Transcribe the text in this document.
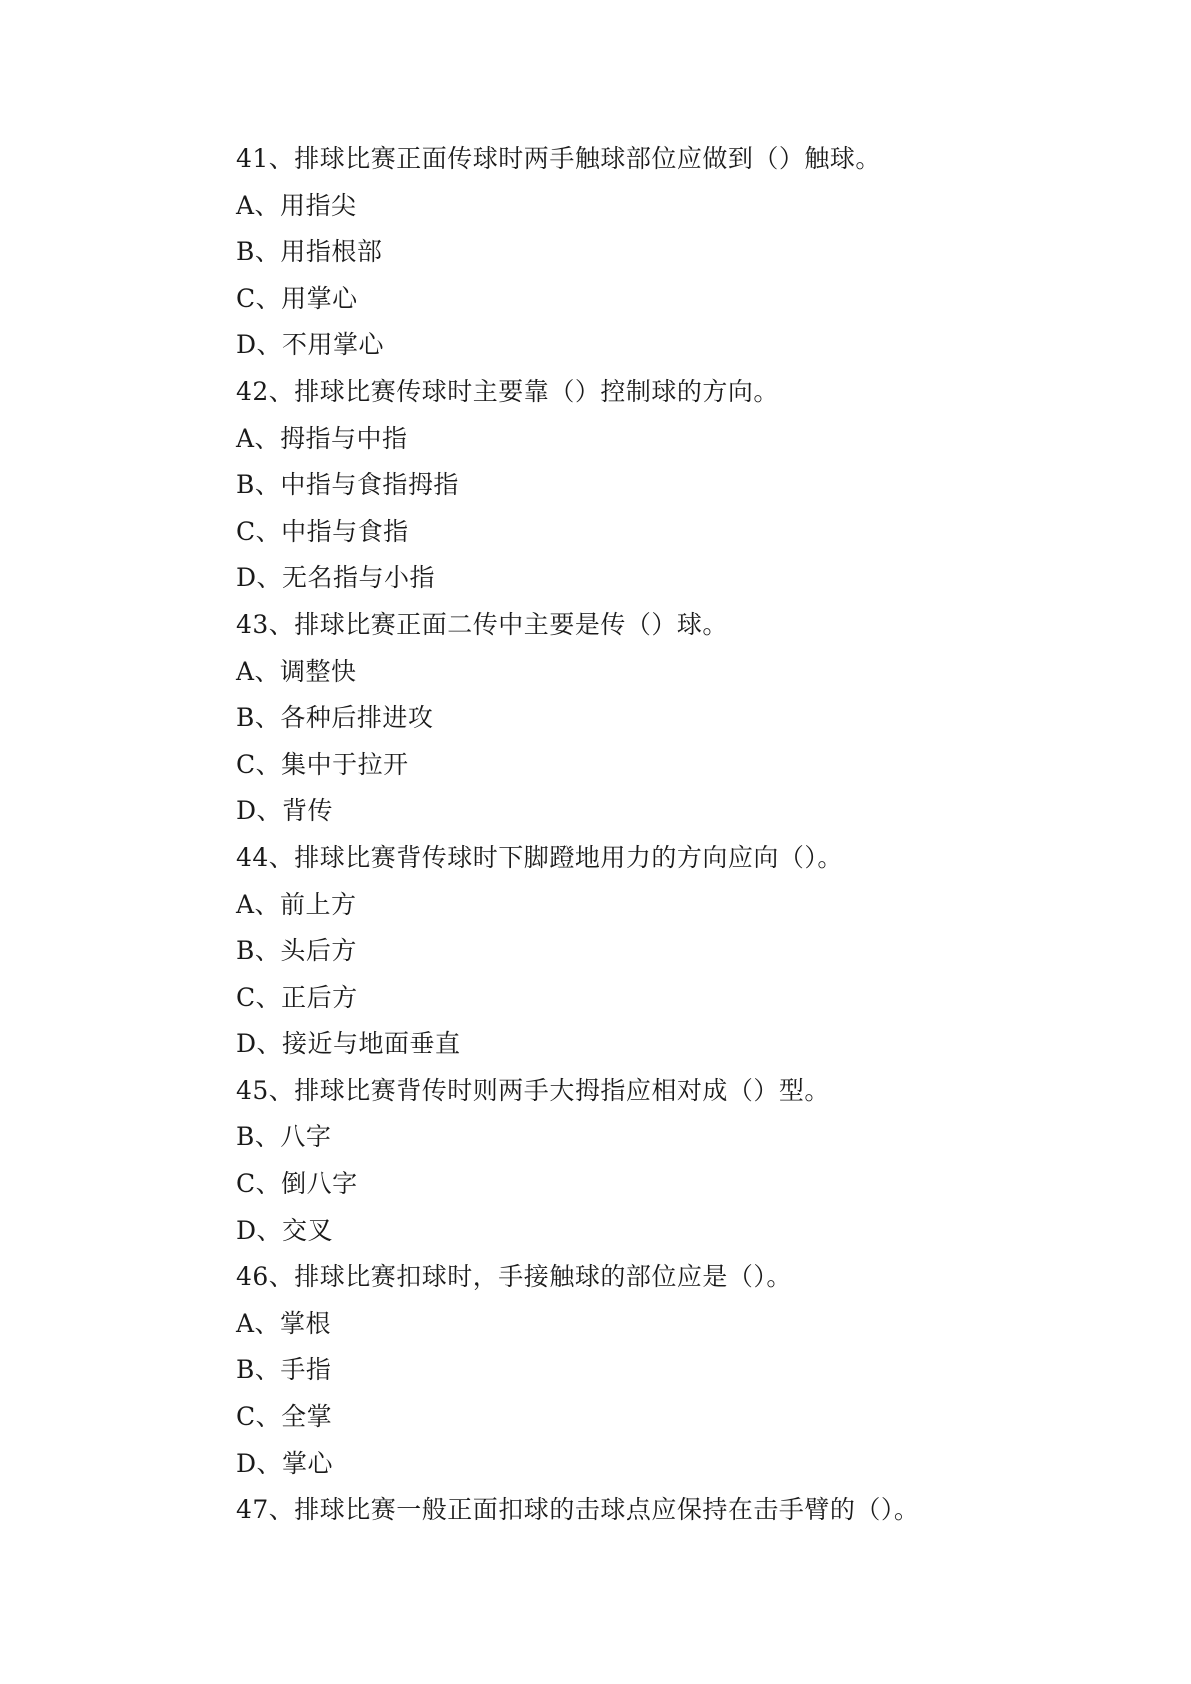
41、排球比赛正面传球时两手触球部位应做到（）触球。
A、用指尖
B、用指根部
C、用掌心
D、不用掌心
42、排球比赛传球时主要靠（）控制球的方向。
A、拇指与中指
B、中指与食指拇指
C、中指与食指
D、无名指与小指
43、排球比赛正面二传中主要是传（）球。
A、调整快
B、各种后排进攻
C、集中于拉开
D、背传
44、排球比赛背传球时下脚蹬地用力的方向应向（）。
A、前上方
B、头后方
C、正后方
D、接近与地面垂直
45、排球比赛背传时则两手大拇指应相对成（）型。
B、八字
C、倒八字
D、交叉
46、排球比赛扣球时，手接触球的部位应是（）。
A、掌根
B、手指
C、全掌
D、掌心
47、排球比赛一般正面扣球的击球点应保持在击手臂的（）。
